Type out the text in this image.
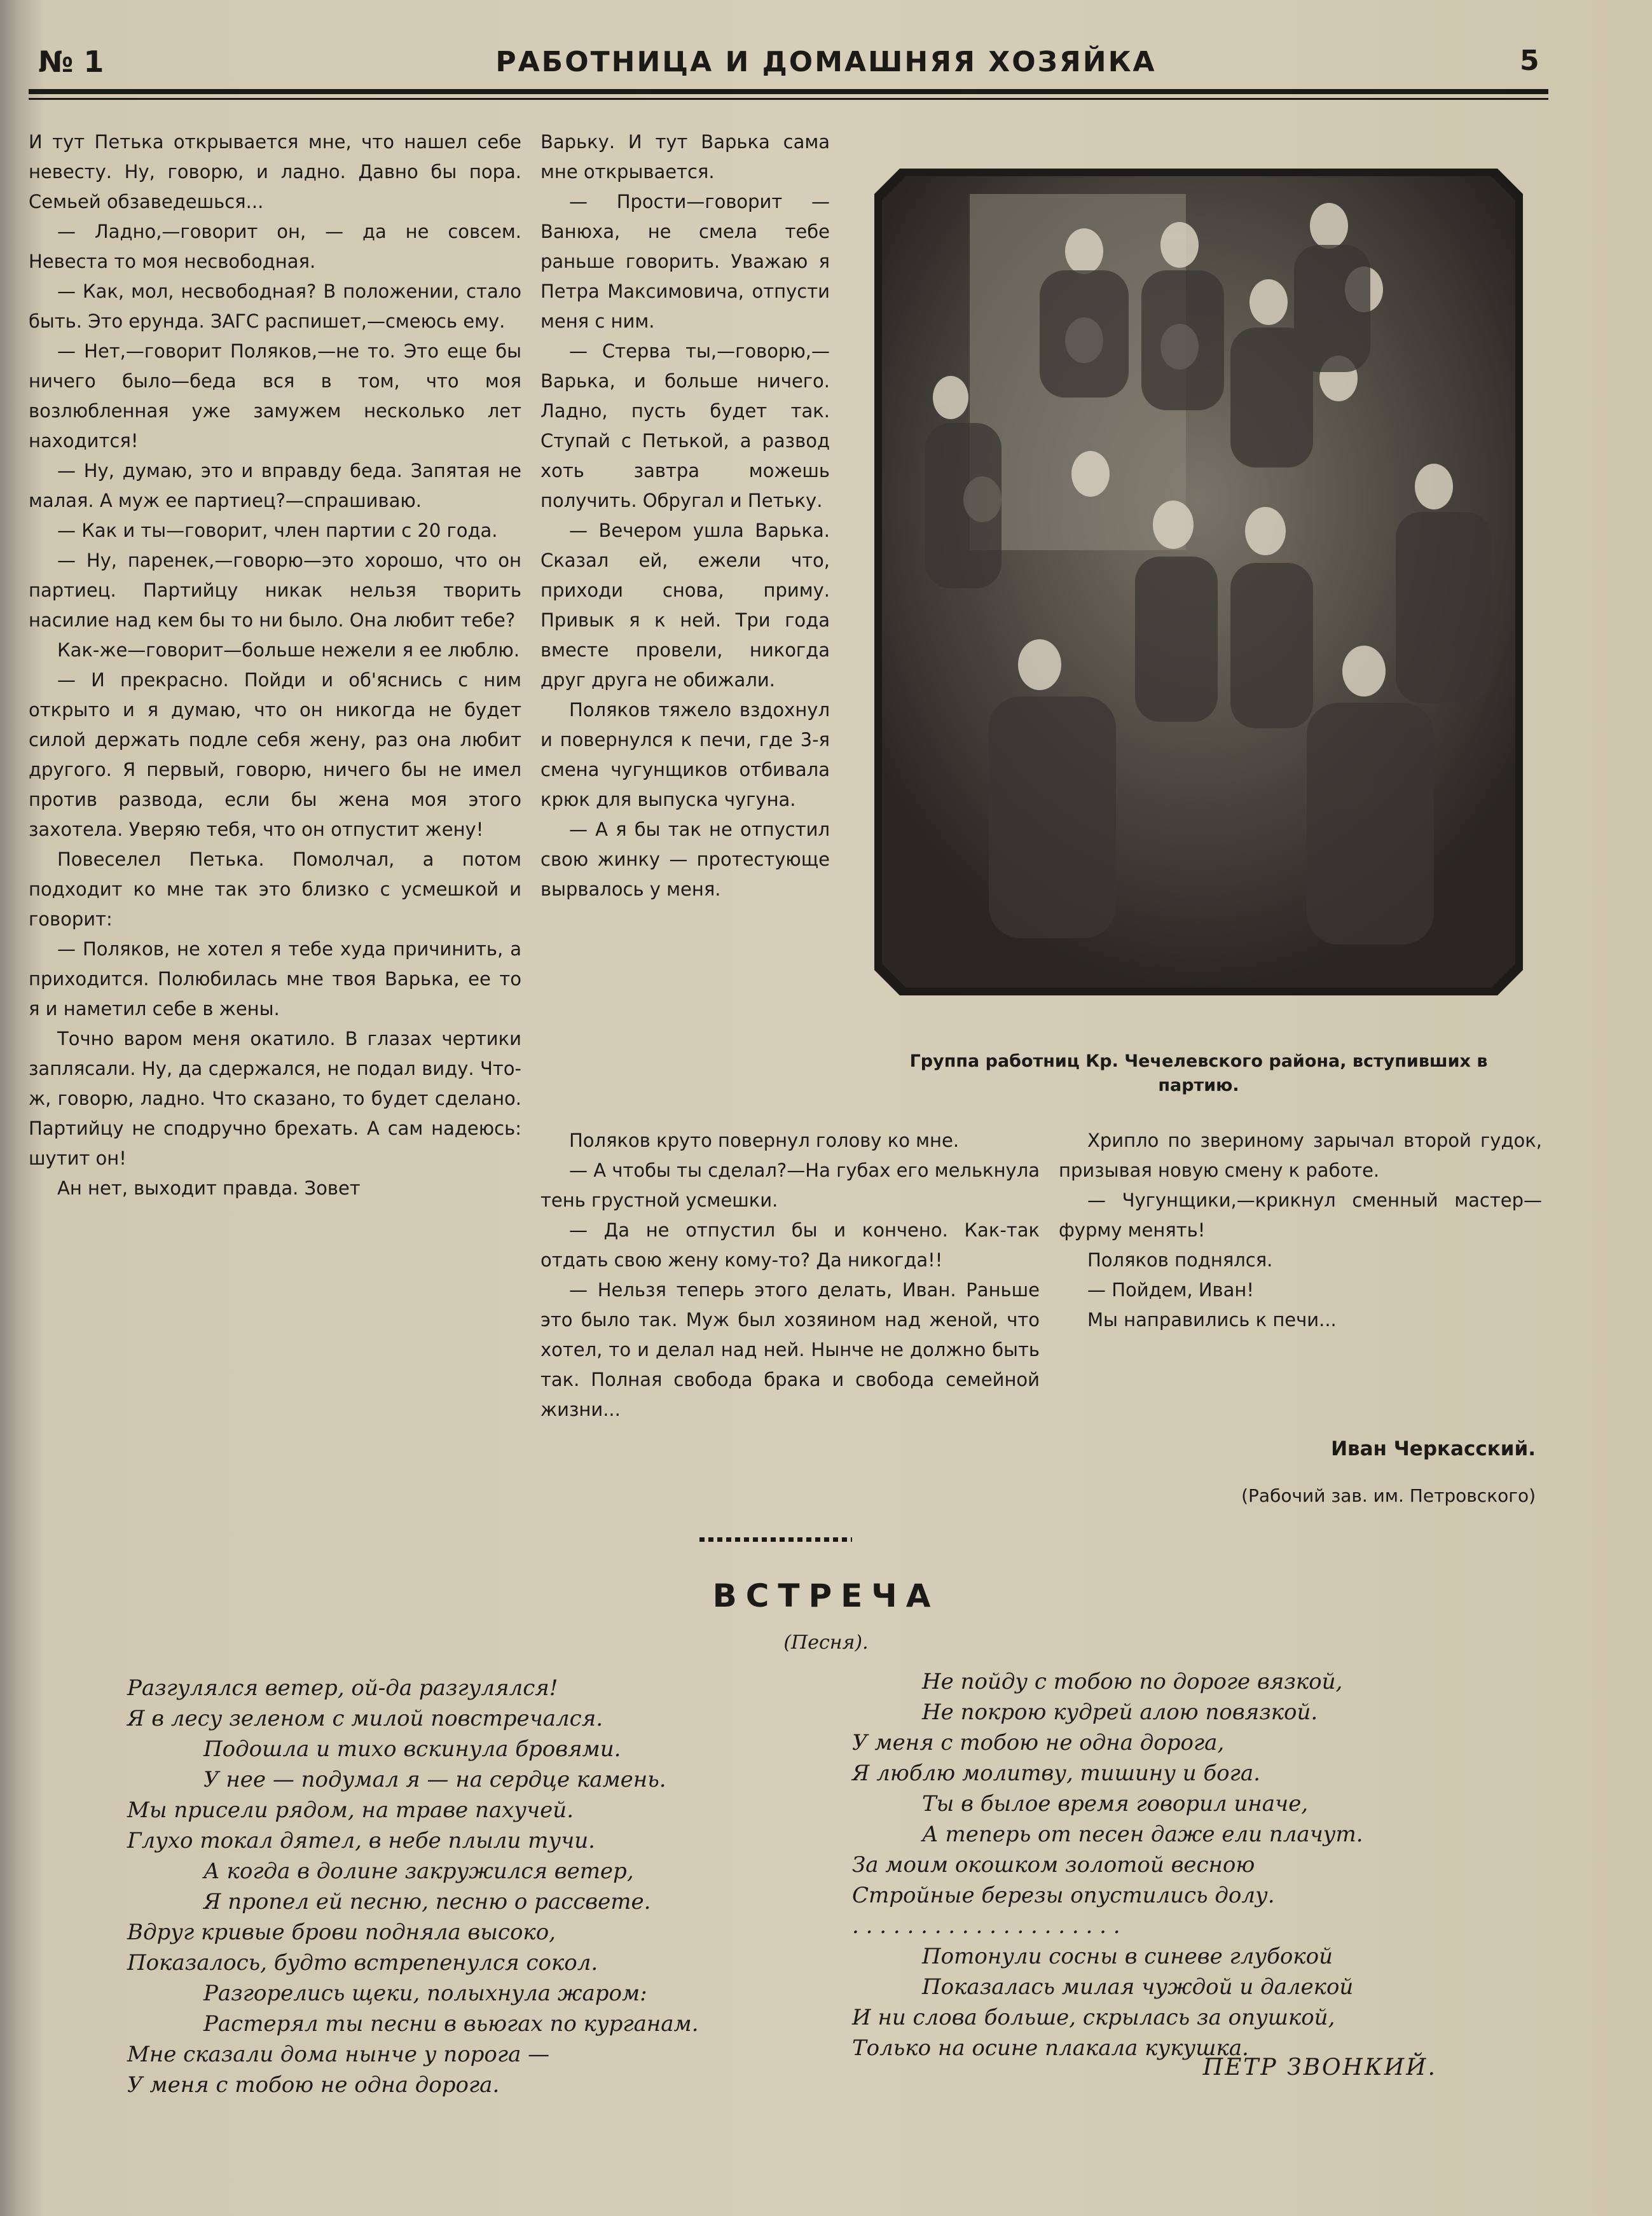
№ 1	РАБОТНИЦА И ДОМАШНЯЯ ХОЗЯЙКА	5

И тут Петька открывается мне, что нашел себе невесту. Ну, говорю, и ладно. Давно бы пора. Семьей обзаведешься...

— Ладно,—говорит он, — да не совсем. Невеста то моя несвободная.

— Как, мол, несвободная? В положении, стало быть. Это ерунда. ЗАГС распишет,—смеюсь ему.

— Нет,—говорит Поляков,—не то. Это еще бы ничего было—беда вся в том, что моя возлюбленная уже замужем несколько лет находится!

— Ну, думаю, это и вправду беда. Запятая не малая. А муж ее партиец?—спрашиваю.

— Как и ты—говорит, член партии с 20 года.

— Ну, паренек,—говорю—это хорошо, что он партиец. Партийцу никак нельзя творить насилие над кем бы то ни было. Она любит тебе?

Как-же—говорит—больше нежели я ее люблю.

— И прекрасно. Пойди и об'яснись с ним открыто и я думаю, что он никогда не будет силой держать подле себя жену, раз она любит другого. Я первый, говорю, ничего бы не имел против развода, если бы жена моя этого захотела. Уверяю тебя, что он отпустит жену!

Повеселел Петька. Помолчал, а потом подходит ко мне так это близко с усмешкой и говорит:

— Поляков, не хотел я тебе худа причинить, а приходится. Полюбилась мне твоя Варька, ее то я и наметил себе в жены.

Точно варом меня окатило. В глазах чертики заплясали. Ну, да сдержался, не подал виду. Что-ж, говорю, ладно. Что сказано, то будет сделано. Партийцу не сподручно брехать. А сам надеюсь: шутит он!

Ан нет, выходит правда. Зовет

Варьку. И тут Варька сама мне открывается.

— Прости—говорит —Ванюха, не смела тебе раньше говорить. Уважаю я Петра Максимовича, отпусти меня с ним.

— Стерва ты,—говорю,—Варька, и больше ничего. Ладно, пусть будет так. Ступай с Петькой, а развод хоть завтра можешь получить. Обругал и Петьку.

— Вечером ушла Варька. Сказал ей, ежели что, приходи снова, приму. Привык я к ней. Три года вместе провели, никогда друг друга не обижали.

Поляков тяжело вздохнул и повернулся к печи, где 3-я смена чугунщиков отбивала крюк для выпуска чугуна.

— А я бы так не отпустил свою жинку — протестующе вырвалось у меня.

Группа работниц Кр. Чечелевского района, вступивших в партию.

Поляков круто повернул голову ко мне.

— А чтобы ты сделал?—На губах его мелькнула тень грустной усмешки.

— Да не отпустил бы и кончено. Как-так отдать свою жену кому-то? Да никогда!!

— Нельзя теперь этого делать, Иван. Раньше это было так. Муж был хозяином над женой, что хотел, то и делал над ней. Нынче не должно быть так. Полная свобода брака и свобода семейной жизни...

Хрипло по звериному зарычал второй гудок, призывая новую смену к работе.

— Чугунщики,—крикнул сменный мастер—фурму менять!

Поляков поднялся.

— Пойдем, Иван!

Мы направились к печи...

Иван Черкасский.
(Рабочий зав. им. Петровского)
ВСТРЕЧА
(Песня).
Разгулялся ветер, ой-да разгулялся!
Я в лесу зеленом с милой повстречался.
Подошла и тихо вскинула бровями.
У нее — подумал я — на сердце камень.
Мы присели рядом, на траве пахучей.
Глухо токал дятел, в небе плыли тучи.
А когда в долине закружился ветер,
Я пропел ей песню, песню о рассвете.
Вдруг кривые брови подняла высоко,
Показалось, будто встрепенулся сокол.
Разгорелись щеки, полыхнула жаром:
Растерял ты песни в вьюгах по курганам.
Мне сказали дома нынче у порога —
У меня с тобою не одна дорога.
Не пойду с тобою по дороге вязкой,
Не покрою кудрей алою повязкой.
У меня с тобою не одна дорога,
Я люблю молитву, тишину и бога.
Ты в былое время говорил иначе,
А теперь от песен даже ели плачут.
За моим окошком золотой весною
Стройные березы опустились долу.
. . . . . . . . . . . . . . . . . . . .
Потонули сосны в синеве глубокой
Показалась милая чуждой и далекой
И ни слова больше, скрылась за опушкой,
Только на осине плакала кукушка.
ПЕТР ЗВОНКИЙ.
